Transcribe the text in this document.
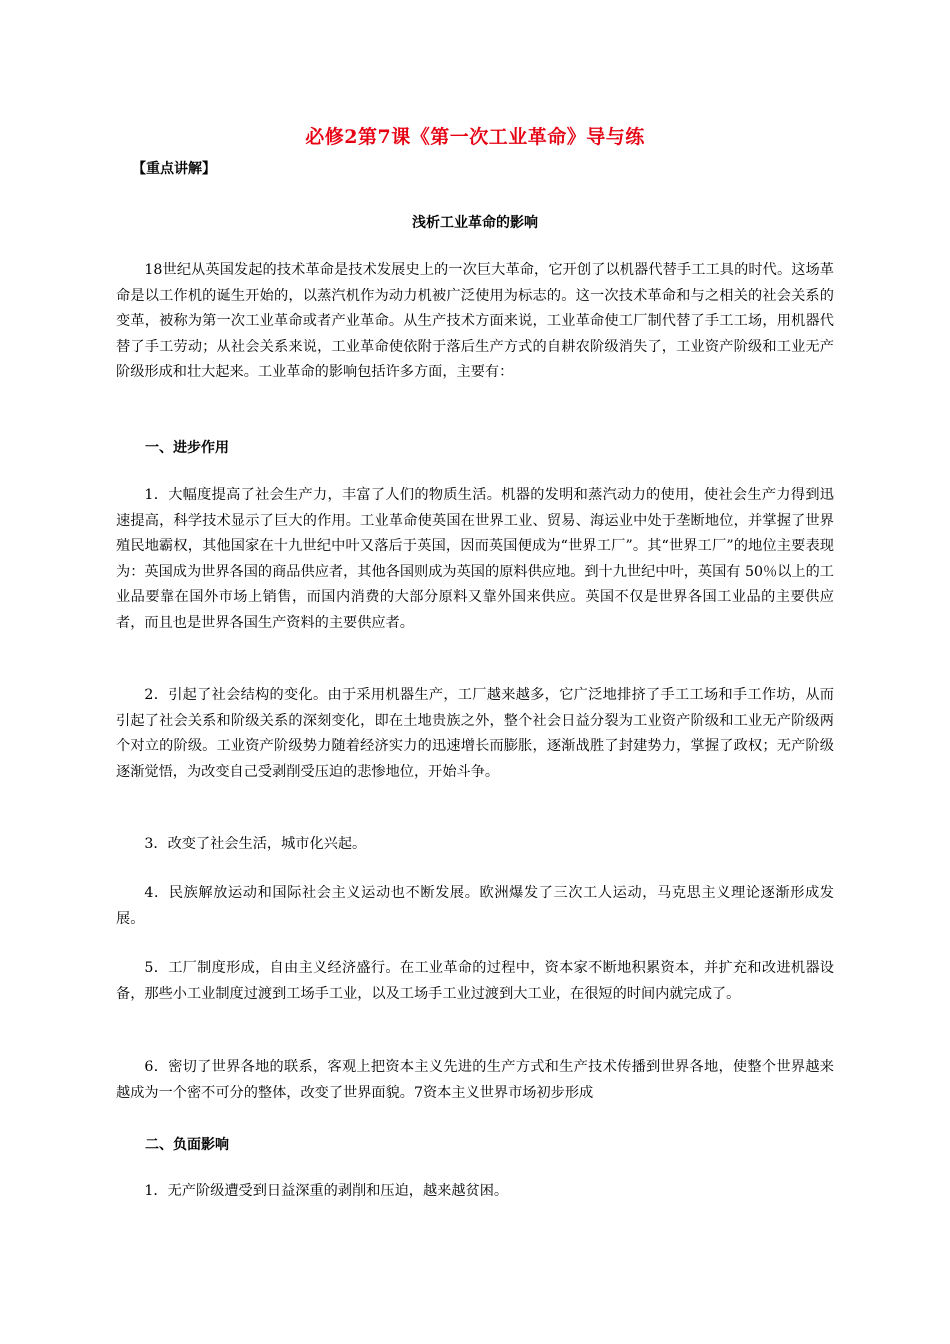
必修2第7课《第一次工业革命》导与练
【重点讲解】
浅析工业革命的影响

18世纪从英国发起的技术革命是技术发展史上的一次巨大革命，它开创了以机器代替手工工具的时代。这场革命是以工作机的诞生开始的，以蒸汽机作为动力机被广泛使用为标志的。这一次技术革命和与之相关的社会关系的变革，被称为第一次工业革命或者产业革命。从生产技术方面来说，工业革命使工厂制代替了手工工场，用机器代替了手工劳动；从社会关系来说，工业革命使依附于落后生产方式的自耕农阶级消失了，工业资产阶级和工业无产阶级形成和壮大起来。工业革命的影响包括许多方面，主要有：

一、进步作用

1．大幅度提高了社会生产力，丰富了人们的物质生活。机器的发明和蒸汽动力的使用，使社会生产力得到迅速提高，科学技术显示了巨大的作用。工业革命使英国在世界工业、贸易、海运业中处于垄断地位，并掌握了世界殖民地霸权，其他国家在十九世纪中叶又落后于英国，因而英国便成为“世界工厂”。其“世界工厂”的地位主要表现为：英国成为世界各国的商品供应者，其他各国则成为英国的原料供应地。到十九世纪中叶，英国有 50％以上的工业品要靠在国外市场上销售，而国内消费的大部分原料又靠外国来供应。英国不仅是世界各国工业品的主要供应者，而且也是世界各国生产资料的主要供应者。

2．引起了社会结构的变化。由于采用机器生产，工厂越来越多，它广泛地排挤了手工工场和手工作坊，从而引起了社会关系和阶级关系的深刻变化，即在土地贵族之外，整个社会日益分裂为工业资产阶级和工业无产阶级两个对立的阶级。工业资产阶级势力随着经济实力的迅速增长而膨胀，逐渐战胜了封建势力，掌握了政权；无产阶级逐渐觉悟，为改变自己受剥削受压迫的悲惨地位，开始斗争。

3．改变了社会生活，城市化兴起。

4．民族解放运动和国际社会主义运动也不断发展。欧洲爆发了三次工人运动，马克思主义理论逐渐形成发展。

5．工厂制度形成，自由主义经济盛行。在工业革命的过程中，资本家不断地积累资本，并扩充和改进机器设备，那些小工业制度过渡到工场手工业，以及工场手工业过渡到大工业，在很短的时间内就完成了。

6．密切了世界各地的联系，客观上把资本主义先进的生产方式和生产技术传播到世界各地，使整个世界越来越成为一个密不可分的整体，改变了世界面貌。7资本主义世界市场初步形成

二、负面影响

1．无产阶级遭受到日益深重的剥削和压迫，越来越贫困。
